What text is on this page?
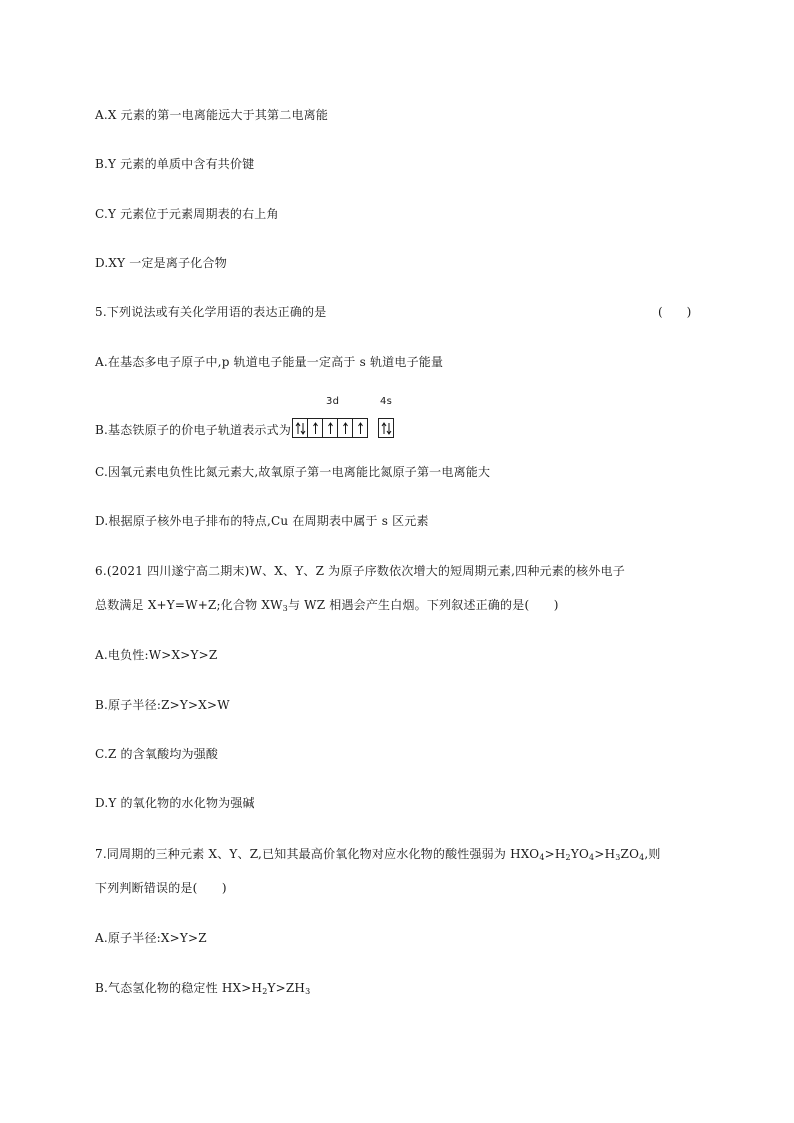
A.X 元素的第一电离能远大于其第二电离能
B.Y 元素的单质中含有共价键
C.Y 元素位于元素周期表的右上角
D.XY 一定是离子化合物
5.下列说法或有关化学用语的表达正确的是	(　　)
A.在基态多电子原子中,p 轨道电子能量一定高于 s 轨道电子能量
B.基态铁原子的价电子轨道表示式为
3d	4s
C.因氧元素电负性比氮元素大,故氧原子第一电离能比氮原子第一电离能大
D.根据原子核外电子排布的特点,Cu 在周期表中属于 s 区元素
6.(2021 四川遂宁高二期末)W、X、Y、Z 为原子序数依次增大的短周期元素,四种元素的核外电子
总数满足 X+Y=W+Z;化合物 $XW_3$与 WZ 相遇会产生白烟。下列叙述正确的是(　　)
A.电负性:W>X>Y>Z
B.原子半径:Z>Y>X>W
C.Z 的含氧酸均为强酸
D.Y 的氧化物的水化物为强碱
7.同周期的三种元素 X、Y、Z,已知其最高价氧化物对应水化物的酸性强弱为 $HXO_4>H_2YO_4>H_3ZO_4$,则
下列判断错误的是(　　)
A.原子半径:X>Y>Z
B.气态氢化物的稳定性 $HX>H_2Y>ZH_3$
